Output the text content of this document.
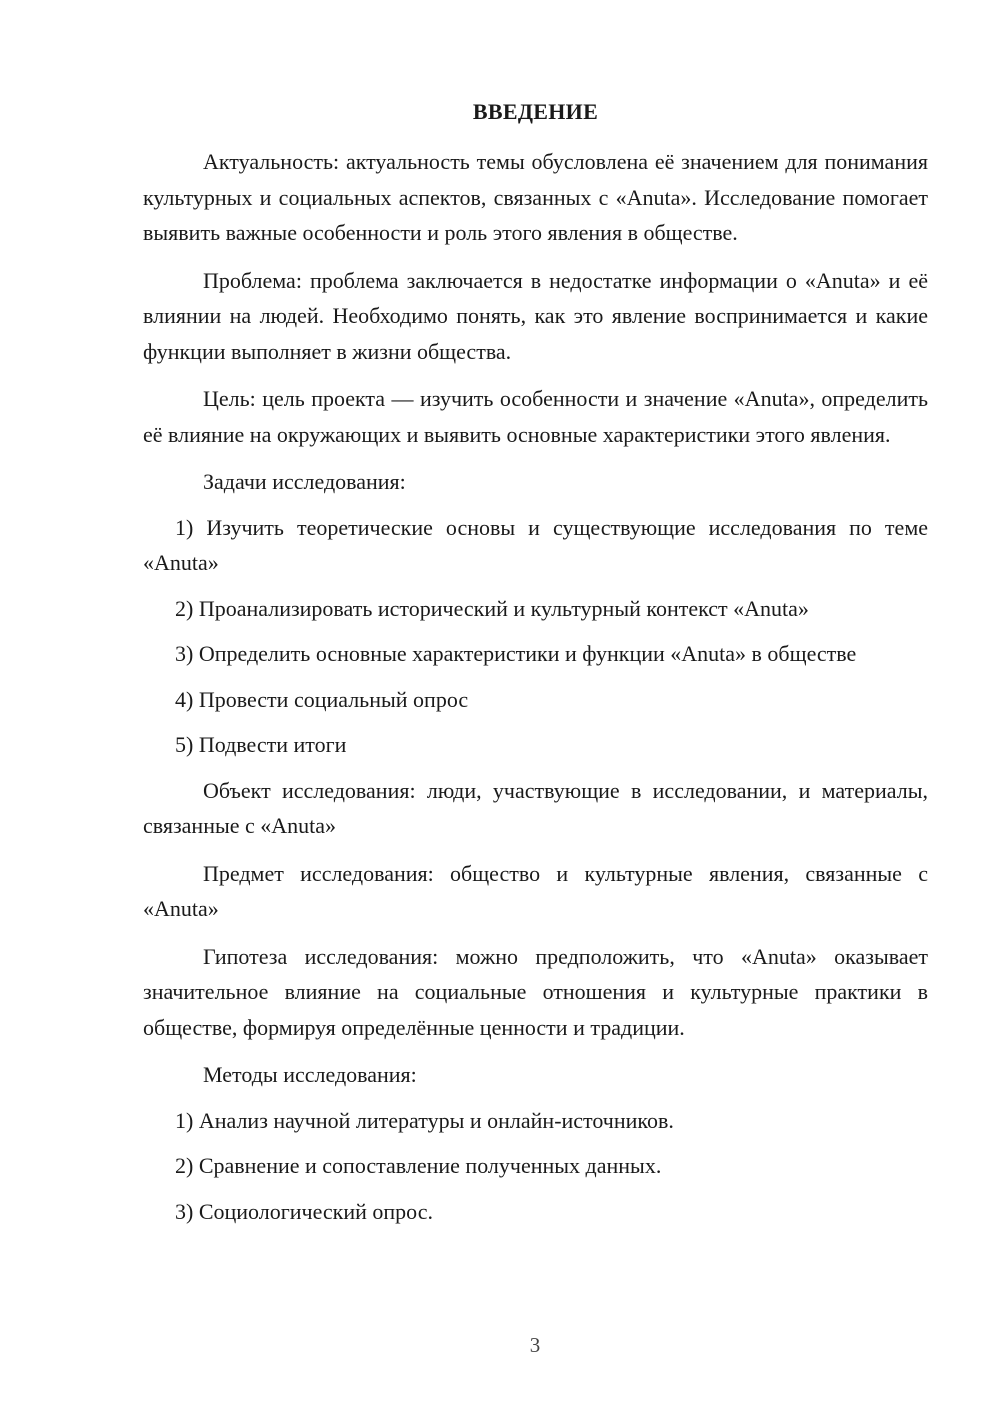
ВВЕДЕНИЕ

Актуальность: актуальность темы обусловлена её значением для понимания культурных и социальных аспектов, связанных с «Anuta». Исследование помогает выявить важные особенности и роль этого явления в обществе.

Проблема: проблема заключается в недостатке информации о «Anuta» и её влиянии на людей. Необходимо понять, как это явление воспринимается и какие функции выполняет в жизни общества.

Цель: цель проекта — изучить особенности и значение «Anuta», определить её влияние на окружающих и выявить основные характеристики этого явления.

Задачи исследования:

1) Изучить теоретические основы и существующие исследования по теме «Anuta»

2) Проанализировать исторический и культурный контекст «Anuta»

3) Определить основные характеристики и функции «Anuta» в обществе

4) Провести социальный опрос

5) Подвести итоги

Объект исследования: люди, участвующие в исследовании, и материалы, связанные с «Anuta»

Предмет исследования: общество и культурные явления, связанные с «Anuta»

Гипотеза исследования: можно предположить, что «Anuta» оказывает значительное влияние на социальные отношения и культурные практики в обществе, формируя определённые ценности и традиции.

Методы исследования:

1) Анализ научной литературы и онлайн-источников.

2) Сравнение и сопоставление полученных данных.

3) Социологический опрос.

3
